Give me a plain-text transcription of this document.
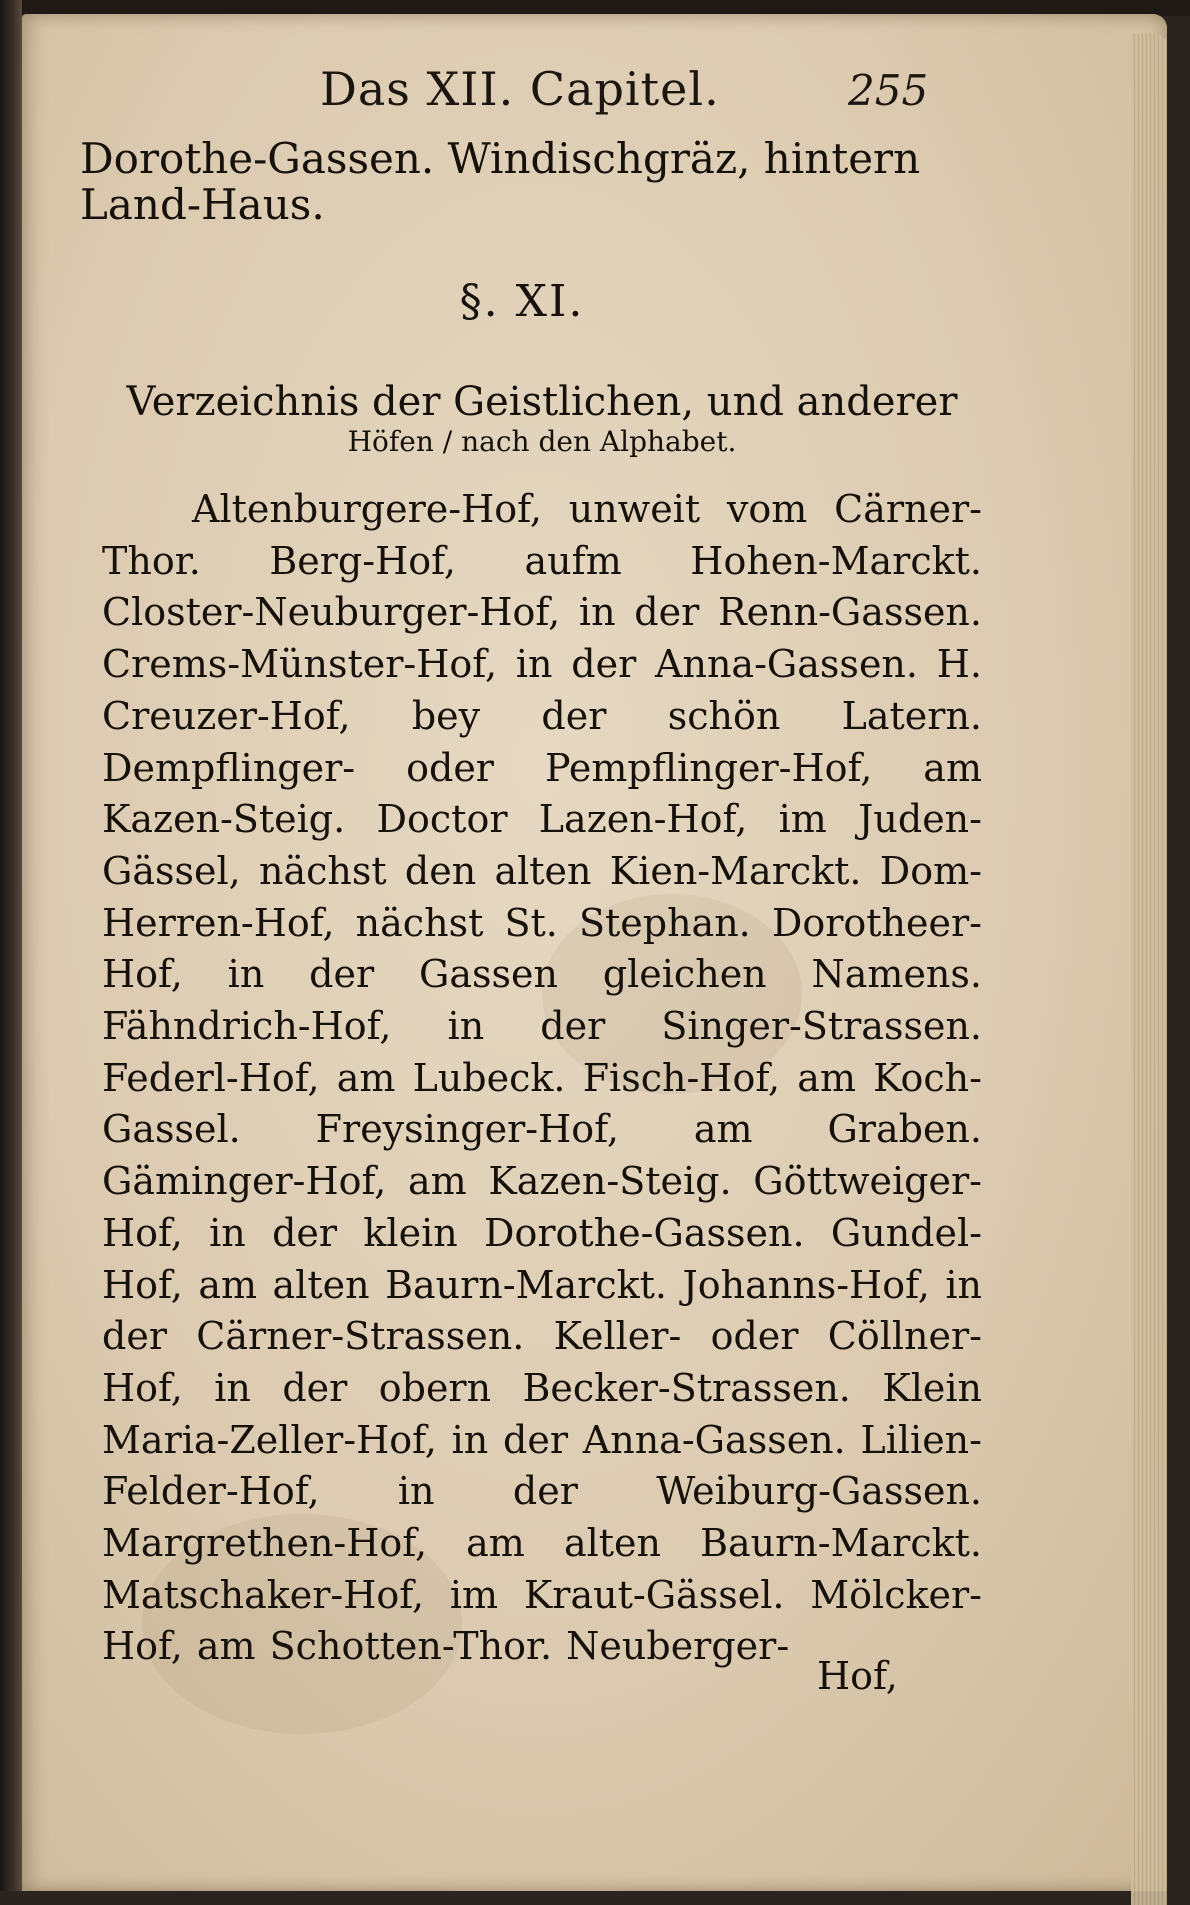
Das XII. Capitel.	255
Dorothe-Gassen. Windischgräz, hintern Land-Haus.
§. XI.
Verzeichnis der Geistlichen, und anderer
Höfen / nach den Alphabet.
Altenburgere-Hof, unweit vom Cärner-Thor. Berg-Hof, aufm Hohen-Marckt. Closter-Neuburger-Hof, in der Renn-Gassen. Crems-Münster-Hof, in der Anna-Gassen. H. Creuzer-Hof, bey der schön Latern. Dempflinger- oder Pempflinger-Hof, am Kazen-Steig. Doctor Lazen-Hof, im Juden-Gässel, nächst den alten Kien-Marckt. Dom-Herren-Hof, nächst St. Stephan. Dorotheer-Hof, in der Gassen gleichen Namens. Fähndrich-Hof, in der Singer-Strassen. Federl-Hof, am Lubeck. Fisch-Hof, am Koch-Gassel. Freysinger-Hof, am Graben. Gäminger-Hof, am Kazen-Steig. Göttweiger-Hof, in der klein Dorothe-Gassen. Gundel-Hof, am alten Baurn-Marckt. Johanns-Hof, in der Cärner-Strassen. Keller- oder Cöllner-Hof, in der obern Becker-Strassen. Klein Maria-Zeller-Hof, in der Anna-Gassen. Lilien-Felder-Hof, in der Weiburg-Gassen. Margrethen-Hof, am alten Baurn-Marckt. Matschaker-Hof, im Kraut-Gässel. Mölcker-Hof, am Schotten-Thor. Neuberger-
Hof,
